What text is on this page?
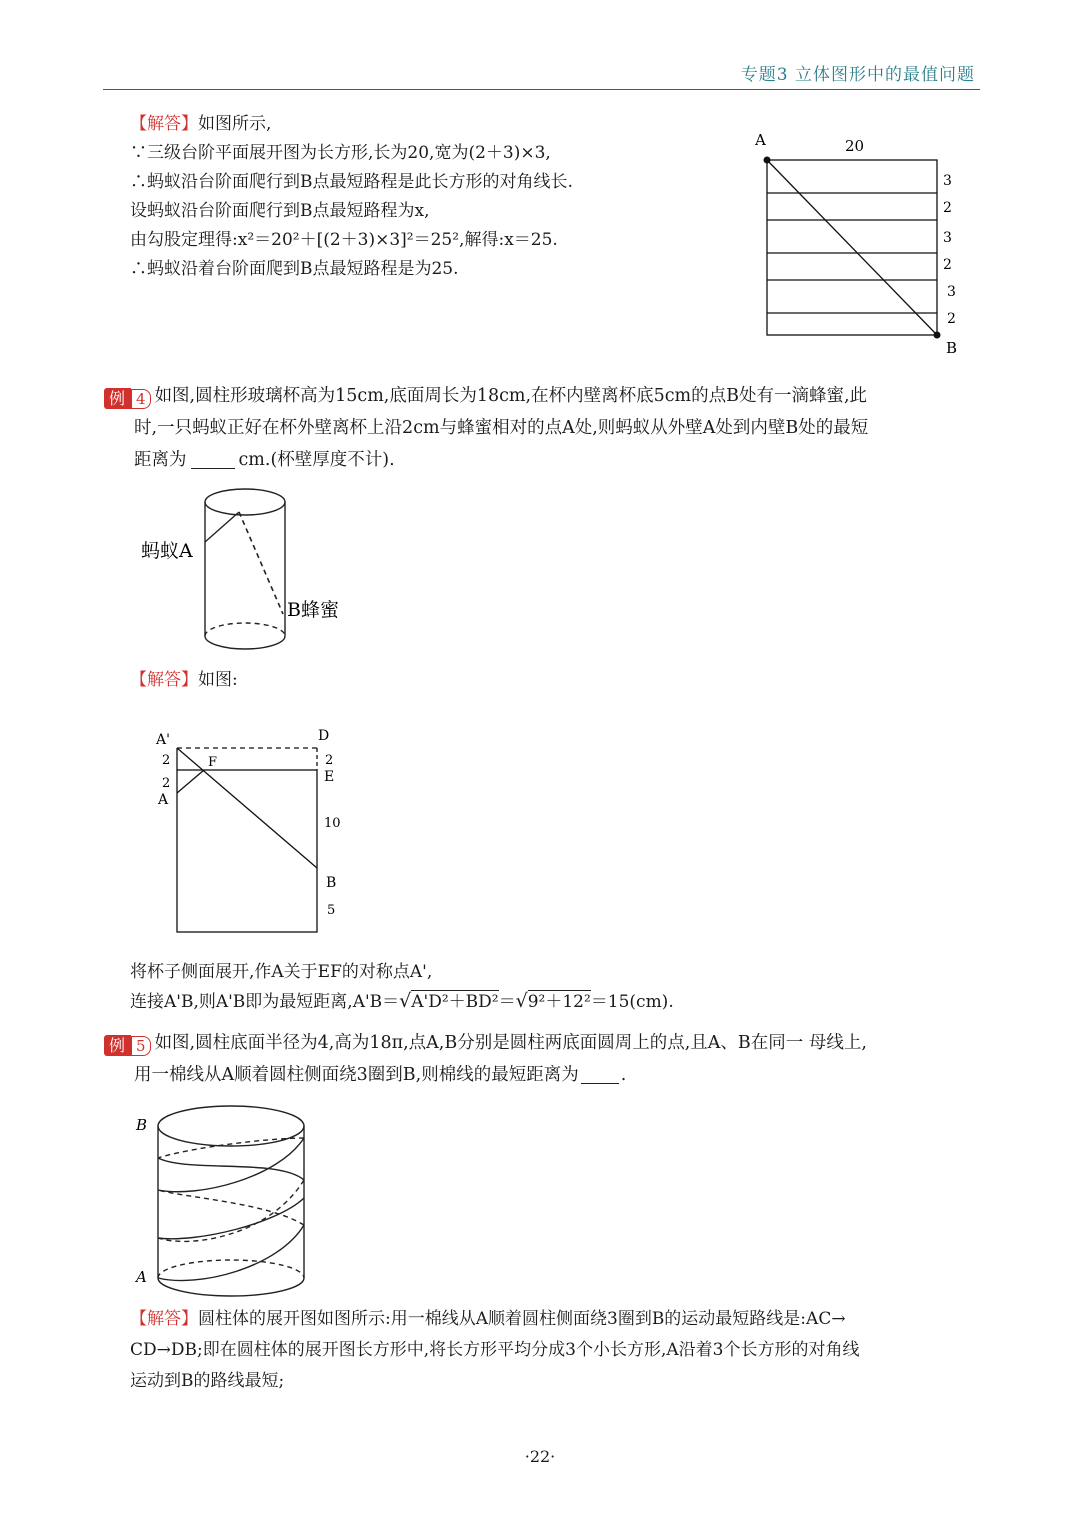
专题3 立体图形中的最值问题
【解答】如图所示,
∵三级台阶平面展开图为长方形,长为20,宽为(2＋3)×3,
∴蚂蚁沿台阶面爬行到B点最短路程是此长方形的对角线长.
设蚂蚁沿台阶面爬行到B点最短路程为x,
由勾股定理得:x²＝20²＋[(2＋3)×3]²＝25²,解得:x＝25.
∴蚂蚁沿着台阶面爬到B点最短路程是为25.
A	20
3
2
3
2
3
2
B
例 4 如图,圆柱形玻璃杯高为15cm,底面周长为18cm,在杯内壁离杯底5cm的点B处有一滴蜂蜜,此
时,一只蚂蚁正好在杯外壁离杯上沿2cm与蜂蜜相对的点A处,则蚂蚁从外壁A处到内壁B处的最短
距离为	cm.(杯壁厚度不计).
蚂蚁A
B蜂蜜
【解答】如图:
A'	D
2	F	2
2	E
A
10
B
5
将杯子侧面展开,作A关于EF的对称点A',
连接A'B,则A'B即为最短距离,A'B＝√A'D²＋BD²＝√9²＋12²＝15(cm).
例 5 如图,圆柱底面半径为4,高为18π,点A,B分别是圆柱两底面圆周上的点,且A、B在同一 母线上,
用一棉线从A顺着圆柱侧面绕3圈到B,则棉线的最短距离为 .
B
A
【解答】圆柱体的展开图如图所示:用一棉线从A顺着圆柱侧面绕3圈到B的运动最短路线是:AC→
CD→DB;即在圆柱体的展开图长方形中,将长方形平均分成3个小长方形,A沿着3个长方形的对角线
运动到B的路线最短;
·22·
